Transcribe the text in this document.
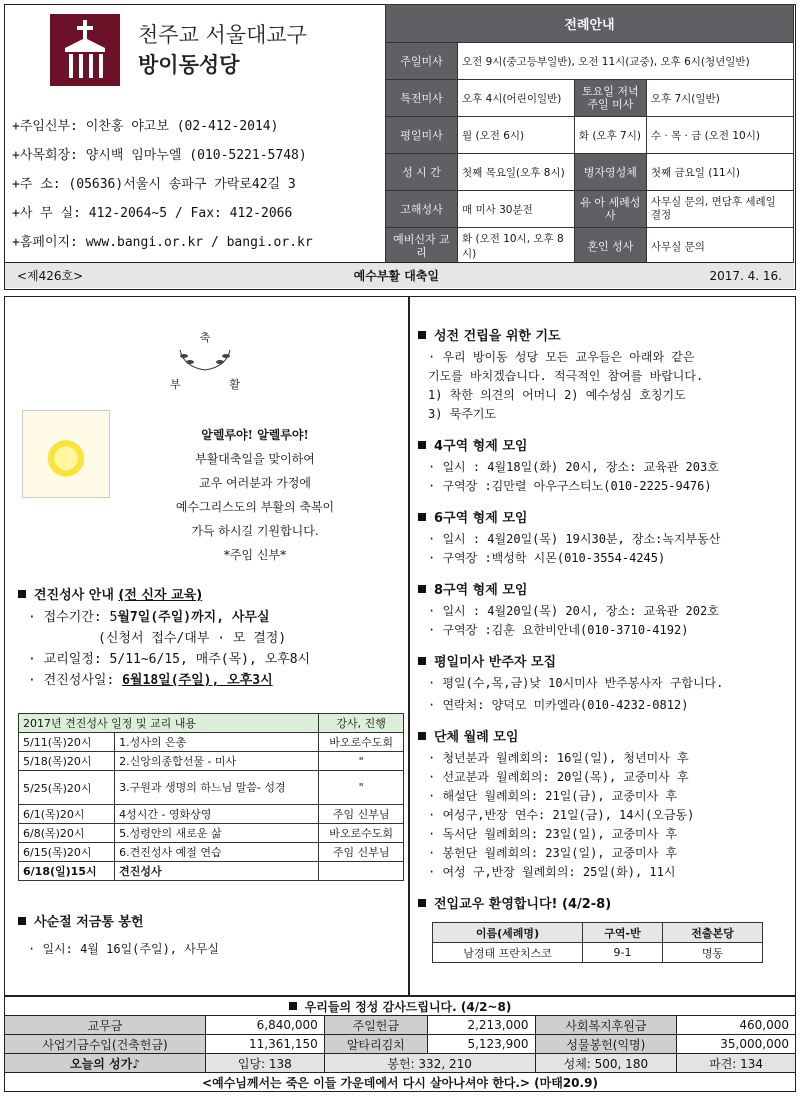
천주교 서울대교구
방이동성당
+주임신부: 이찬홍 야고보 (02-412-2014)
+사목회장: 양시백 임마누엘 (010-5221-5748)
+주 소: (05636)서울시 송파구 가락로42길 3
+사 무 실: 412-2064~5 / Fax: 412-2066
+홈페이지: www.bangi.or.kr / bangi.or.kr
전례안내			
주일미사	오전 9시(중고등부일반), 오전 11시(교중), 오후 6시(청년일반)		
특전미사	오후 4시(어린이일반)	토요일 저녁 주일 미사	오후 7시(일반)
평일미사	월 (오전 6시)	화 (오후 7시)	수 · 목 · 금 (오전 10시)
성 시 간	첫째 목요일(오후 8시)	병자영성체	첫째 금요일 (11시)
고해성사	매 미사 30분전	유 아 세례성사	사무실 문의, 면담후 세례일 결정
예비신자 교 리	화 (오전 10시, 오후 8시)	혼인 성사	사무실 문의
<제426호>	예수부활 대축일	2017. 4. 16.
축
부	활
알렐루야! 알렐루야!
부활대축일을 맞이하여
교우 여러분과 가정에
예수그리스도의 부활의 축복이
가득 하시길 기원합니다.
*주임 신부*
견진성사 안내 (전 신자 교육)
· 접수기간: 5월7일(주일)까지, 사무실
(신청서 접수/대부 · 모 결정)
· 교리일정: 5/11~6/15, 매주(목), 오후8시
· 견진성사일: 6월18일(주일), 오후3시
2017년 견진성사 일정 및 교리 내용		강사, 진행
5/11(목)20시	1.성사의 은총	바오로수도회
5/18(목)20시	2.신앙의종합선물 - 미사	"
5/25(목)20시	3.구원과 생명의 하느님 말씀- 성경	"
6/1(목)20시	4성시간 - 영화상영	주임 신부님
6/8(목)20시	5.성령안의 새로운 삶	바오로수도회
6/15(목)20시	6.견진성사 예절 연습	주임 신부님
6/18(일)15시	견진성사	
사순절 저금통 봉헌
· 일시: 4월 16일(주일), 사무실
성전 건립을 위한 기도
· 우리 방이동 성당 모든 교우들은 아래와 같은
기도를 바치겠습니다. 적극적인 참여를 바랍니다.
1) 착한 의견의 어머니 2) 예수성심 호칭기도
3) 묵주기도
4구역 형제 모임
· 일시 : 4월18일(화) 20시, 장소: 교육관 203호
· 구역장 :김만렬 아우구스티노(010-2225-9476)
6구역 형제 모임
· 일시 : 4월20일(목) 19시30분, 장소:녹지부동산
· 구역장 :백성학 시몬(010-3554-4245)
8구역 형제 모임
· 일시 : 4월20일(목) 20시, 장소: 교육관 202호
· 구역장 :김훈 요한비안네(010-3710-4192)
평일미사 반주자 모집
· 평일(수,목,금)낮 10시미사 반주봉사자 구합니다.
· 연락처: 양덕모 미카엘라(010-4232-0812)
단체 월례 모임
· 청년분과 월례회의: 16일(일), 청년미사 후
· 선교분과 월례회의: 20일(목), 교중미사 후
· 해설단 월례회의: 21일(금), 교중미사 후
· 여성구,반장 연수: 21일(금), 14시(오금동)
· 독서단 월례회의: 23일(일), 교중미사 후
· 봉헌단 월례회의: 23일(일), 교중미사 후
· 여성 구,반장 월례회의: 25일(화), 11시
전입교우 환영합니다! (4/2-8)
이름(세례명)	구역-반	전출본당
남경태 프란치스코	9-1	명동
우리들의 정성 감사드립니다. (4/2~8)					
교무금	6,840,000	주일헌금	2,213,000	사회복지후원금	460,000
사업기금수입(건축헌금)	11,361,150	알타리김치	5,123,900	성물봉헌(익명)	35,000,000
오늘의 성가♪	입당: 138	봉헌: 332, 210		성체: 500, 180	파견: 134
<예수님께서는 죽은 이들 가운데에서 다시 살아나셔야 한다.> (마태20.9)					
